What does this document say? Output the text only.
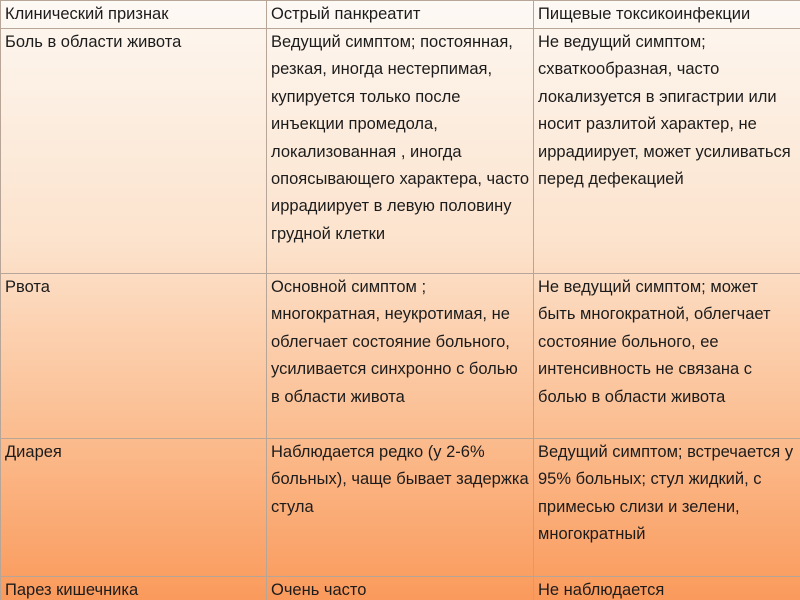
Клинический признак	Острый панкреатит	Пищевые токсикоинфекции
Боль в области живота	Ведущий симптом; постоянная, резкая, иногда нестерпимая, купируется только после инъекции промедола, локализованная , иногда опоясывающего характера, часто иррадиирует в левую половину грудной клетки	Не ведущий симптом; схваткообразная, часто локализуется в эпигастрии или носит разлитой характер, не иррадиирует, может усиливаться перед дефекацией
Рвота	Основной симптом ; многократная, неукротимая, не облегчает состояние больного, усиливается синхронно с болью в области живота	Не ведущий симптом; может быть многократной, облегчает состояние больного, ее интенсивность не связана с болью в области живота
Диарея	Наблюдается редко (у 2-6% больных), чаще бывает задержка стула	Ведущий симптом; встречается у 95% больных; стул жидкий, с примесью слизи и зелени, многократный
Парез кишечника	Очень часто	Не наблюдается
